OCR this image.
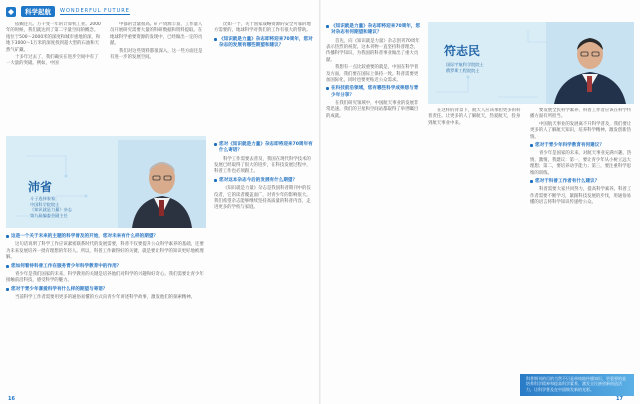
科学起航	WONDERFUL FUTURE

依赖还几。万千变一年的计算机工业。2000年的时候，我们就达到了第二字量空间的概念。指位于500～2000米的深度和城市重地的深，和地下3000～1万米的深度找到超大型的石油和天然气矿藏。

十多年过去了，我们确实在进步空间中有了一大量的突破。例如，中国

中都的含量很高。矿产资源丰富，工作量人员开展研究需要大量的科研数据和资料提取。在地球科学重要资源的发现中，已经做出一定的贡献。

我们对这些资料都很深入，这一些方面还是有进一步的发展空间。

比如一个，关于国家战略资源的安全可靠的地方需要的，地球科学对我们的工作有很大的帮助。

《知识就是力量》杂志即将迎来70周年，您对杂志的发展有哪些期望和建议？
沛省
斗子选择家家
中国科学院院士
《知识就是力量》杂志
第九届编委会副主任
这是一个关于未来的主题的科学普及的开始，您对未来有什么样的期望？

这句话说明了科学工作应该紧密联系时代的发展需要，科普不仅要提升公众科学素养的基础，还要为未来发展培养一批有理想的年轻人。所以，科普工作做得好的关键，就是要让科学的知识更好地被理解。

您如何看待科普工作在服务青少年科学教育中的作用？

青少年是我们国家的未来，科学教育的关键是培养他们对科学的兴趣和好奇心。我们需要让青少年接触前沿科技，感受科学的魅力。

您对于青少年喜爱科学有什么样的期望与寄语？

当前科学工作者需要用更多的通俗易懂的方式向青少年讲述科学故事，激发他们的探索精神。

您对《知识就是力量》杂志即将迎来70周年有什么寄语？

科学工作需要去普及，我国在现代科学技术的发展已经取得了很大的进步，在科技发展过程中，科普工作也必须跟上。

您对这本杂志今后的发展有什么期望？

《知识就是力量》杂志是我国科普期刊中的佼佼者，它的读者覆盖面广，对青少年的影响很大。我们希望杂志能够继续坚持高质量的科普内容，走进更多的学校与家庭。

16
《知识就是力量》杂志即将迎来70周年，您对杂志有何期望和建议？

首先，向《知识就是力量》杂志创刊70周年表示热烈的祝贺。这本刊物一直坚持科普理念，传播科学知识，为我国的科普事业做出了重大贡献。

我想有一点比较重要的就是，中国在科学普及方面，我们要在国际上保持一致。科普需要更加国际化，同时也要更贴近公众需求。

在科技前沿领域，您有哪些科学成果想与青少年分享？

在我们研究领域中，中国航天事业的发展非常迅速。我们的卫星和空间站都取得了举世瞩目的成就。

符志民
国际宇航科学院院士
俄罗斯工程院院士

在这样的背景下，航天人应该承担更多的科普责任。让更多的人了解航天，热爱航天，投身到航天事业中来。

要发展全民科学素养，科普工作者应该在科学传播方面有所担当。

中国航天事业的发展离不开科学普及，我们要让更多的人了解航天知识，培养科学精神，激发创新热情。

您对于青少年科学教育有何建议？

青少年是国家的未来。对航天事业充满兴趣、热情，激情。我建议：第一，要让青少年从小树立远大理想；第二，要培养动手能力；第三，要注重科学思维的训练。

您对于科普工作者有什么建议？

科普需要大家共同努力，提高科学素养。科普工作者需要不断学习，紧跟科技发展的步伐，用通俗易懂的语言将科学知识传递给公众。

科普期刊的目的当然不只是单纯地传播知识，更重要的是培养科学精神和提高科学素养，激发全民族创新创造活力，让科学普及在中国焕发新的光彩。
17
